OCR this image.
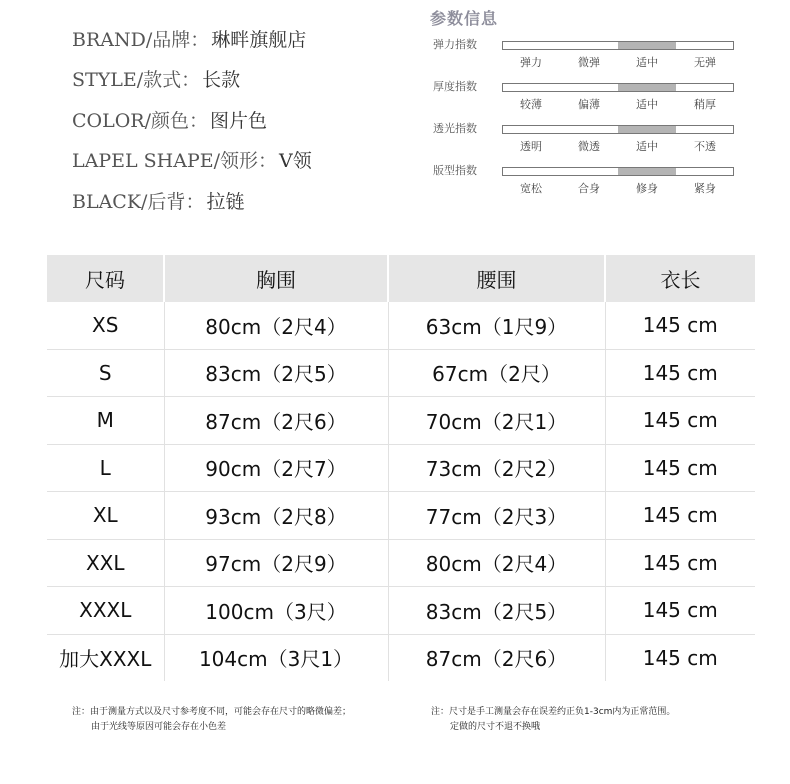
BRAND/品牌 ： 琳畔旗舰店
STYLE/款式 ： 长款
COLOR/颜色 ： 图片色
LAPEL SHAPE/领形 ： V领
BLACK/后背 ： 拉链
参数信息
弹力指数
弹力	微弹	适中	无弹
厚度指数
较薄	偏薄	适中	稍厚
透光指数
透明	微透	适中	不透
版型指数
宽松	合身	修身	紧身
尺码	胸围	腰围	衣长
XS	80cm（2尺4）	63cm（1尺9）	145 cm
S	83cm（2尺5）	67cm（2尺）	145 cm
M	87cm（2尺6）	70cm（2尺1）	145 cm
L	90cm（2尺7）	73cm（2尺2）	145 cm
XL	93cm（2尺8）	77cm（2尺3）	145 cm
XXL	97cm（2尺9）	80cm（2尺4）	145 cm
XXXL	100cm（3尺）	83cm（2尺5）	145 cm
加大XXXL	104cm（3尺1）	87cm（2尺6）	145 cm
注：由于测量方式以及尺寸参考度不同，可能会存在尺寸的略微偏差；
由于光线等原因可能会存在小色差
注：尺寸是手工测量会存在误差约正负1-3cm内为正常范围。
定做的尺寸不退不换哦
